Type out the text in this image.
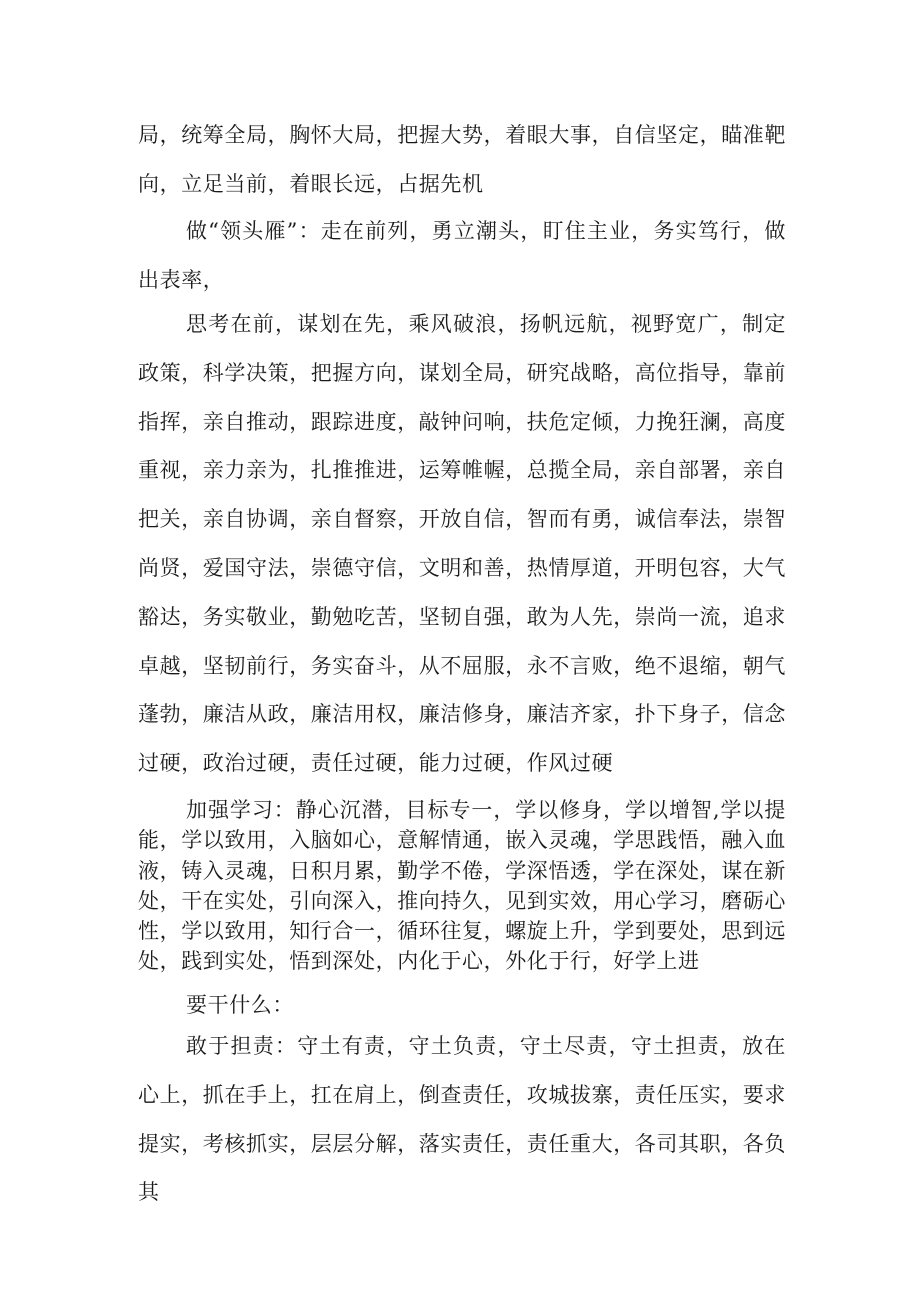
局，统筹全局，胸怀大局，把握大势，着眼大事，自信坚定，瞄准靶向，立足当前，着眼长远，占据先机

做“领头雁”：走在前列，勇立潮头，盯住主业，务实笃行，做出表率，

思考在前，谋划在先，乘风破浪，扬帆远航，视野宽广，制定政策，科学决策，把握方向，谋划全局，研究战略，高位指导，靠前指挥，亲自推动，跟踪进度，敲钟问响，扶危定倾，力挽狂澜，高度重视，亲力亲为，扎推推进，运筹帷幄，总揽全局，亲自部署，亲自把关，亲自协调，亲自督察，开放自信，智而有勇，诚信奉法，崇智尚贤，爱国守法，崇德守信，文明和善，热情厚道，开明包容，大气豁达，务实敬业，勤勉吃苦，坚韧自强，敢为人先，崇尚一流，追求卓越，坚韧前行，务实奋斗，从不屈服，永不言败，绝不退缩，朝气蓬勃，廉洁从政，廉洁用权，廉洁修身，廉洁齐家，扑下身子，信念过硬，政治过硬，责任过硬，能力过硬，作风过硬

加强学习：静心沉潜，目标专一，学以修身，学以增智,学以提能，学以致用，入脑如心，意解情通，嵌入灵魂，学思践悟，融入血液，铸入灵魂，日积月累，勤学不倦，学深悟透，学在深处，谋在新处，干在实处，引向深入，推向持久，见到实效，用心学习，磨砺心性，学以致用，知行合一，循环往复，螺旋上升，学到要处，思到远处，践到实处，悟到深处，内化于心，外化于行，好学上进

要干什么：

敢于担责：守土有责，守土负责，守土尽责，守土担责，放在心上，抓在手上，扛在肩上，倒查责任，攻城拔寨，责任压实，要求提实，考核抓实，层层分解，落实责任，责任重大，各司其职，各负其
